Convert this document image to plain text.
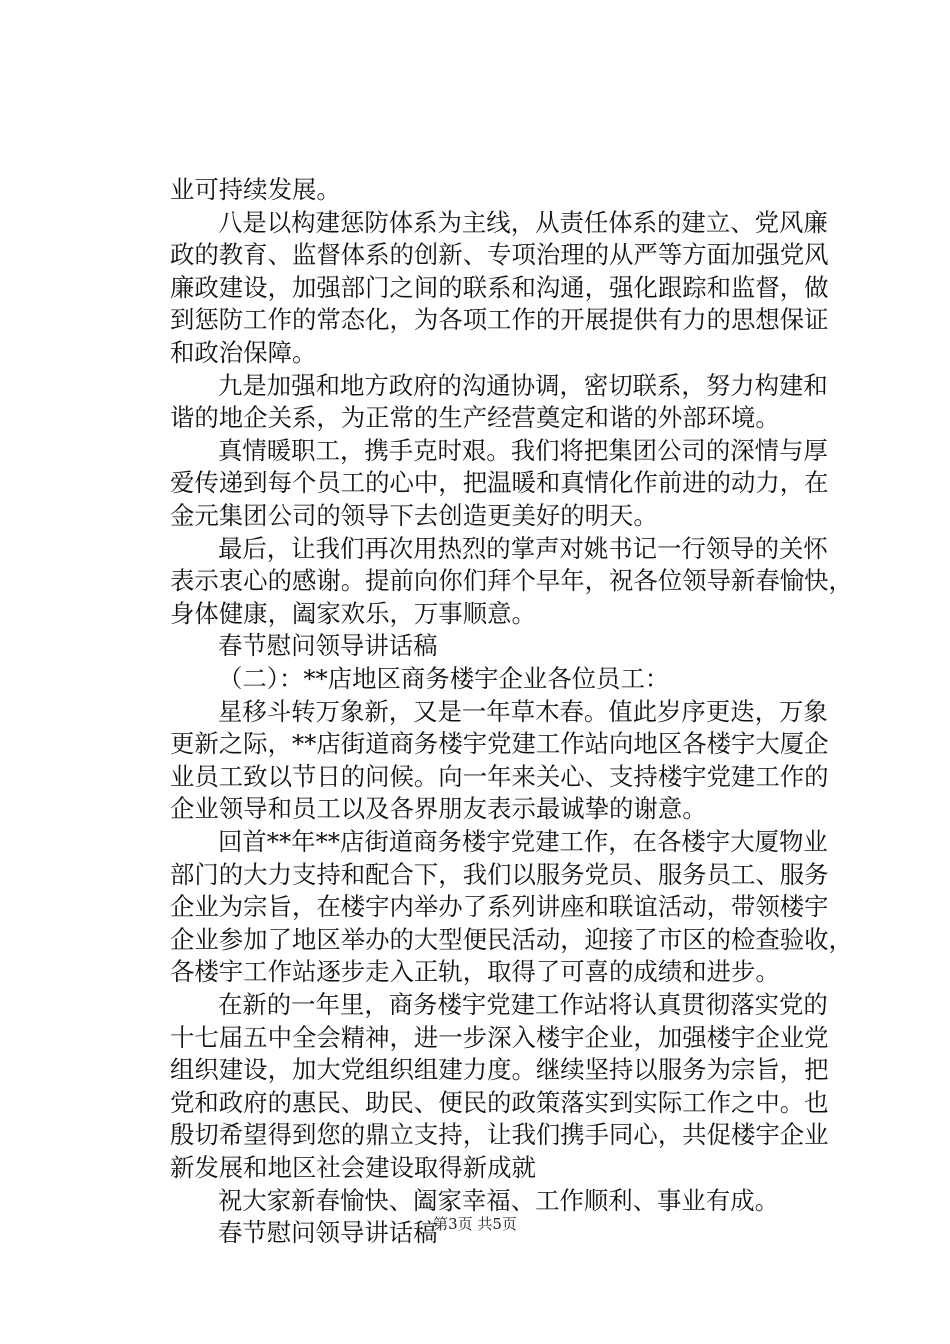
业可持续发展。

八是以构建惩防体系为主线，从责任体系的建立、党风廉

政的教育、监督体系的创新、专项治理的从严等方面加强党风

廉政建设，加强部门之间的联系和沟通，强化跟踪和监督，做

到惩防工作的常态化，为各项工作的开展提供有力的思想保证

和政治保障。

九是加强和地方政府的沟通协调，密切联系，努力构建和

谐的地企关系，为正常的生产经营奠定和谐的外部环境。

真情暖职工，携手克时艰。我们将把集团公司的深情与厚

爱传递到每个员工的心中，把温暖和真情化作前进的动力，在

金元集团公司的领导下去创造更美好的明天。

最后，让我们再次用热烈的掌声对姚书记一行领导的关怀

表示衷心的感谢。提前向你们拜个早年，祝各位领导新春愉快，

身体健康，阖家欢乐，万事顺意。

春节慰问领导讲话稿

（二）：**店地区商务楼宇企业各位员工：

星移斗转万象新，又是一年草木春。值此岁序更迭，万象

更新之际，**店街道商务楼宇党建工作站向地区各楼宇大厦企

业员工致以节日的问候。向一年来关心、支持楼宇党建工作的

企业领导和员工以及各界朋友表示最诚挚的谢意。

回首**年**店街道商务楼宇党建工作，在各楼宇大厦物业

部门的大力支持和配合下，我们以服务党员、服务员工、服务

企业为宗旨，在楼宇内举办了系列讲座和联谊活动，带领楼宇

企业参加了地区举办的大型便民活动，迎接了市区的检查验收，

各楼宇工作站逐步走入正轨，取得了可喜的成绩和进步。

在新的一年里，商务楼宇党建工作站将认真贯彻落实党的

十七届五中全会精神，进一步深入楼宇企业，加强楼宇企业党

组织建设，加大党组织组建力度。继续坚持以服务为宗旨，把

党和政府的惠民、助民、便民的政策落实到实际工作之中。也

殷切希望得到您的鼎立支持，让我们携手同心，共促楼宇企业

新发展和地区社会建设取得新成就

祝大家新春愉快、阖家幸福、工作顺利、事业有成。

春节慰问领导讲话稿

第3页 共5页
